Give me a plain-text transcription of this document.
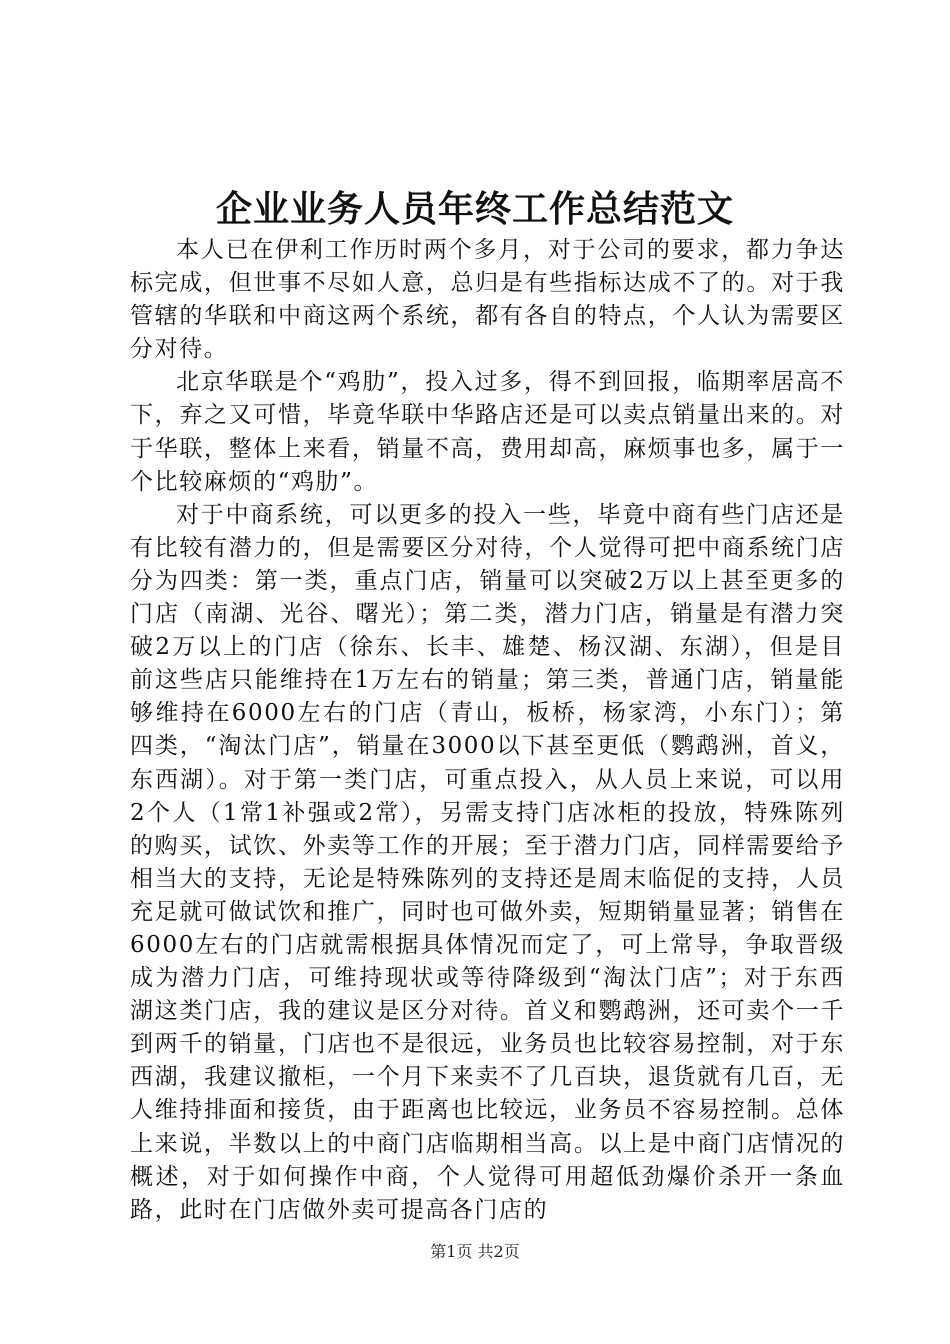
企业业务人员年终工作总结范文

本人已在伊利工作历时两个多月，对于公司的要求，都力争达标完成，但世事不尽如人意，总归是有些指标达成不了的。对于我管辖的华联和中商这两个系统，都有各自的特点，个人认为需要区分对待。

北京华联是个“鸡肋”，投入过多，得不到回报，临期率居高不下，弃之又可惜，毕竟华联中华路店还是可以卖点销量出来的。对于华联，整体上来看，销量不高，费用却高，麻烦事也多，属于一个比较麻烦的“鸡肋”。

对于中商系统，可以更多的投入一些，毕竟中商有些门店还是有比较有潜力的，但是需要区分对待，个人觉得可把中商系统门店分为四类：第一类，重点门店，销量可以突破2万以上甚至更多的门店（南湖、光谷、曙光）；第二类，潜力门店，销量是有潜力突破2万以上的门店（徐东、长丰、雄楚、杨汉湖、东湖），但是目前这些店只能维持在1万左右的销量；第三类，普通门店，销量能够维持在6000左右的门店（青山，板桥，杨家湾，小东门）；第四类，“淘汰门店”，销量在3000以下甚至更低（鹦鹉洲，首义，东西湖）。对于第一类门店，可重点投入，从人员上来说，可以用2个人（1常1补强或2常），另需支持门店冰柜的投放，特殊陈列的购买，试饮、外卖等工作的开展；至于潜力门店，同样需要给予相当大的支持，无论是特殊陈列的支持还是周末临促的支持，人员充足就可做试饮和推广，同时也可做外卖，短期销量显著；销售在6000左右的门店就需根据具体情况而定了，可上常导，争取晋级成为潜力门店，可维持现状或等待降级到“淘汰门店”；对于东西湖这类门店，我的建议是区分对待。首义和鹦鹉洲，还可卖个一千到两千的销量，门店也不是很远，业务员也比较容易控制，对于东西湖，我建议撤柜，一个月下来卖不了几百块，退货就有几百，无人维持排面和接货，由于距离也比较远，业务员不容易控制。总体上来说，半数以上的中商门店临期相当高。以上是中商门店情况的概述，对于如何操作中商，个人觉得可用超低劲爆价杀开一条血路，此时在门店做外卖可提高各门店的

第1页 共2页
